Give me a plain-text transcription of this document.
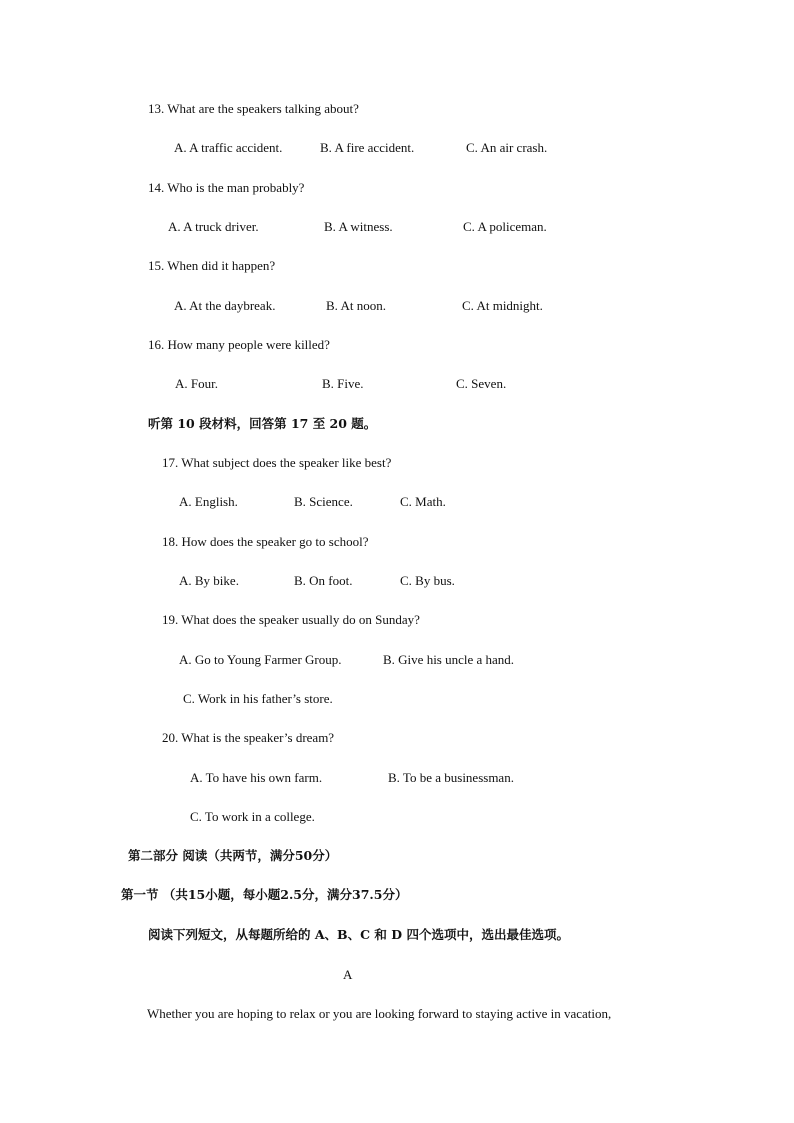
13. What are the speakers talking about?
A. A traffic accident.	B. A fire accident.	C. An air crash.
14. Who is the man probably?
A. A truck driver.	B. A witness.	C. A policeman.
15. When did it happen?
A. At the daybreak.	B. At noon.	C. At midnight.
16. How many people were killed?
A. Four.	B. Five.	C. Seven.
听第 10 段材料，回答第 17 至 20 题。
17. What subject does the speaker like best?
A. English.	B. Science.	C. Math.
18. How does the speaker go to school?
A. By bike.	B. On foot.	C. By bus.
19. What does the speaker usually do on Sunday?
A. Go to Young Farmer Group.	B. Give his uncle a hand.
C. Work in his father’s store.
20. What is the speaker’s dream?
A. To have his own farm.	B. To be a businessman.
C. To work in a college.
第二部分 阅读（共两节，满分50分）
第一节 （共15小题，每小题2.5分，满分37.5分）
阅读下列短文，从每题所给的 A、B、C 和 D 四个选项中，选出最佳选项。
A
Whether you are hoping to relax or you are looking forward to staying active in vacation,
